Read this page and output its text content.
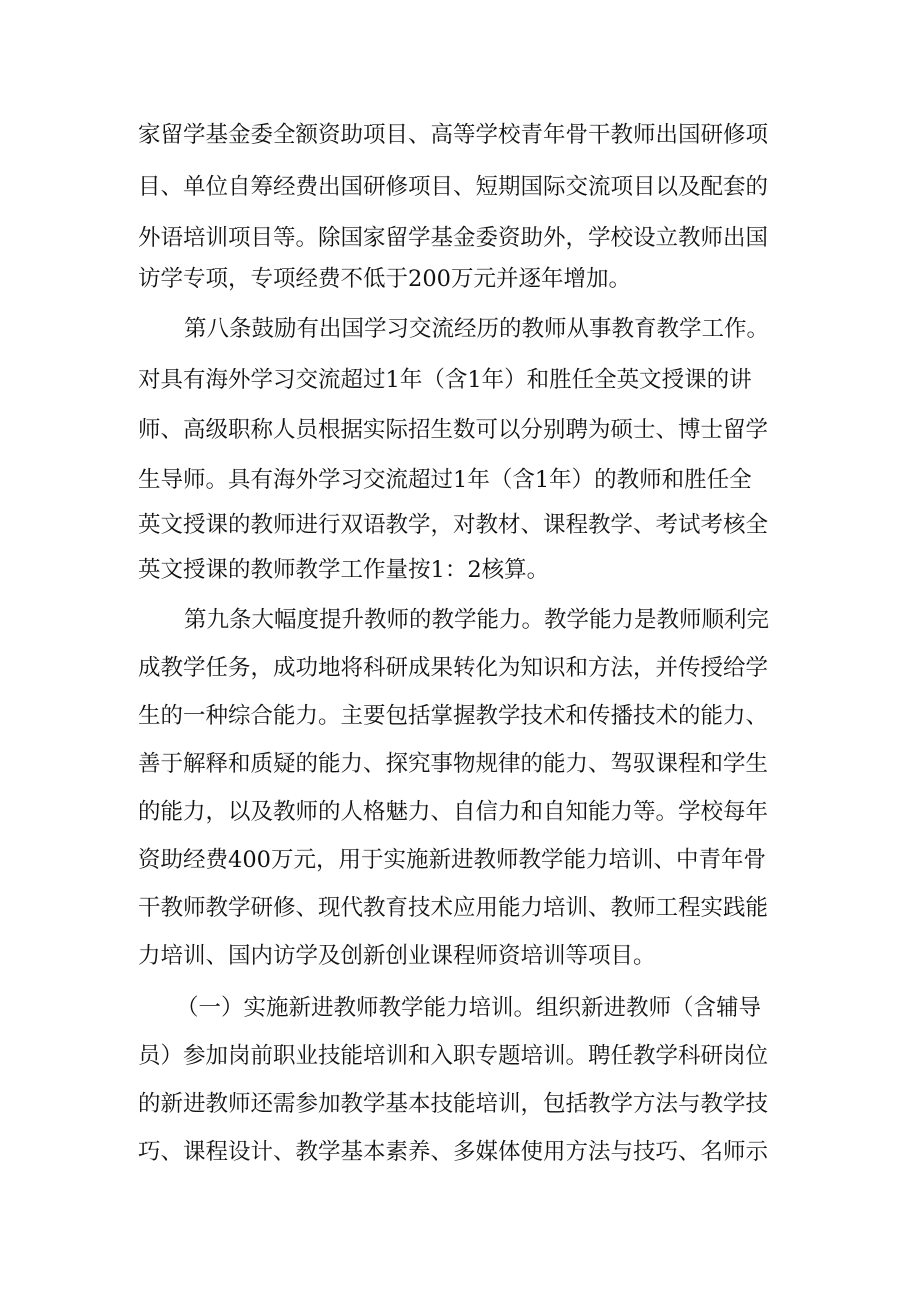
家留学基金委全额资助项目、高等学校青年骨干教师出国研修项
目、单位自筹经费出国研修项目、短期国际交流项目以及配套的
外语培训项目等。除国家留学基金委资助外，学校设立教师出国
访学专项，专项经费不低于200万元并逐年增加。
第八条鼓励有出国学习交流经历的教师从事教育教学工作。
对具有海外学习交流超过1年（含1年）和胜任全英文授课的讲
师、高级职称人员根据实际招生数可以分别聘为硕士、博士留学
生导师。具有海外学习交流超过1年（含1年）的教师和胜任全
英文授课的教师进行双语教学，对教材、课程教学、考试考核全
英文授课的教师教学工作量按1：2核算。
第九条大幅度提升教师的教学能力。教学能力是教师顺利完
成教学任务，成功地将科研成果转化为知识和方法，并传授给学
生的一种综合能力。主要包括掌握教学技术和传播技术的能力、
善于解释和质疑的能力、探究事物规律的能力、驾驭课程和学生
的能力，以及教师的人格魅力、自信力和自知能力等。学校每年
资助经费400万元，用于实施新进教师教学能力培训、中青年骨
干教师教学研修、现代教育技术应用能力培训、教师工程实践能
力培训、国内访学及创新创业课程师资培训等项目。
（一）实施新进教师教学能力培训。组织新进教师（含辅导
员）参加岗前职业技能培训和入职专题培训。聘任教学科研岗位
的新进教师还需参加教学基本技能培训，包括教学方法与教学技
巧、课程设计、教学基本素养、多媒体使用方法与技巧、名师示
